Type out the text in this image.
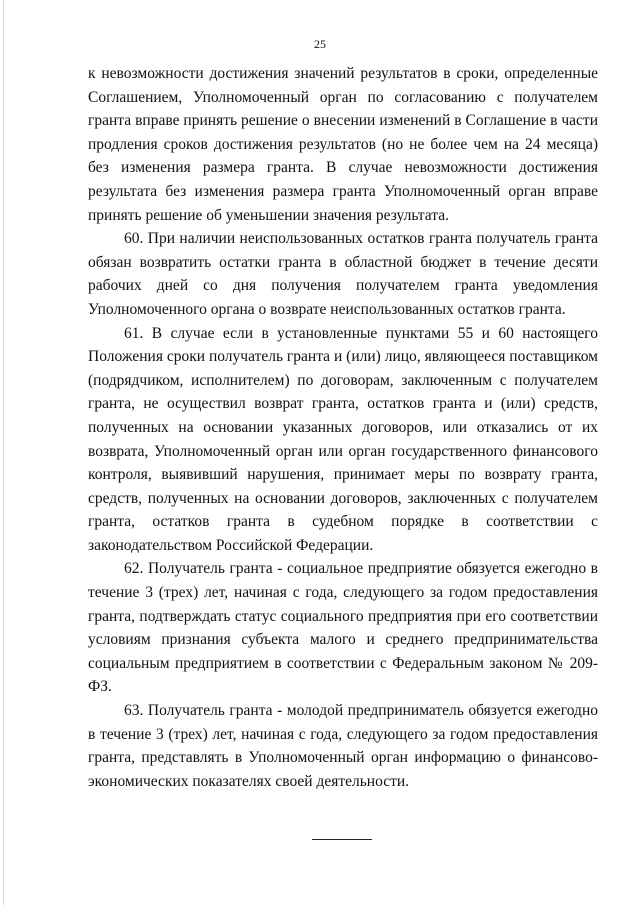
25

к невозможности достижения значений результатов в сроки, определенные Соглашением, Уполномоченный орган по согласованию с получателем гранта вправе принять решение о внесении изменений в Соглашение в части продления сроков достижения результатов (но не более чем на 24 месяца) без изменения размера гранта. В случае невозможности достижения результата без изменения размера гранта Уполномоченный орган вправе принять решение об уменьшении значения результата.

60. При наличии неиспользованных остатков гранта получатель гранта обязан возвратить остатки гранта в областной бюджет в течение десяти рабочих дней со дня получения получателем гранта уведомления Уполномоченного органа о возврате неиспользованных остатков гранта.

61. В случае если в установленные пунктами 55 и 60 настоящего Положения сроки получатель гранта и (или) лицо, являющееся поставщиком (подрядчиком, исполнителем) по договорам, заключенным с получателем гранта, не осуществил возврат гранта, остатков гранта и (или) средств, полученных на основании указанных договоров, или отказались от их возврата, Уполномоченный орган или орган государственного финансового контроля, выявивший нарушения, принимает меры по возврату гранта, средств, полученных на основании договоров, заключенных с получателем гранта, остатков гранта в судебном порядке в соответствии с законодательством Российской Федерации.

62. Получатель гранта - социальное предприятие обязуется ежегодно в течение 3 (трех) лет, начиная с года, следующего за годом предоставления гранта, подтверждать статус социального предприятия при его соответствии условиям признания субъекта малого и среднего предпринимательства социальным предприятием в соответствии с Федеральным законом № 209-ФЗ.

63. Получатель гранта - молодой предприниматель обязуется ежегодно в течение 3 (трех) лет, начиная с года, следующего за годом предоставления гранта, представлять в Уполномоченный орган информацию о финансово-экономических показателях своей деятельности.
